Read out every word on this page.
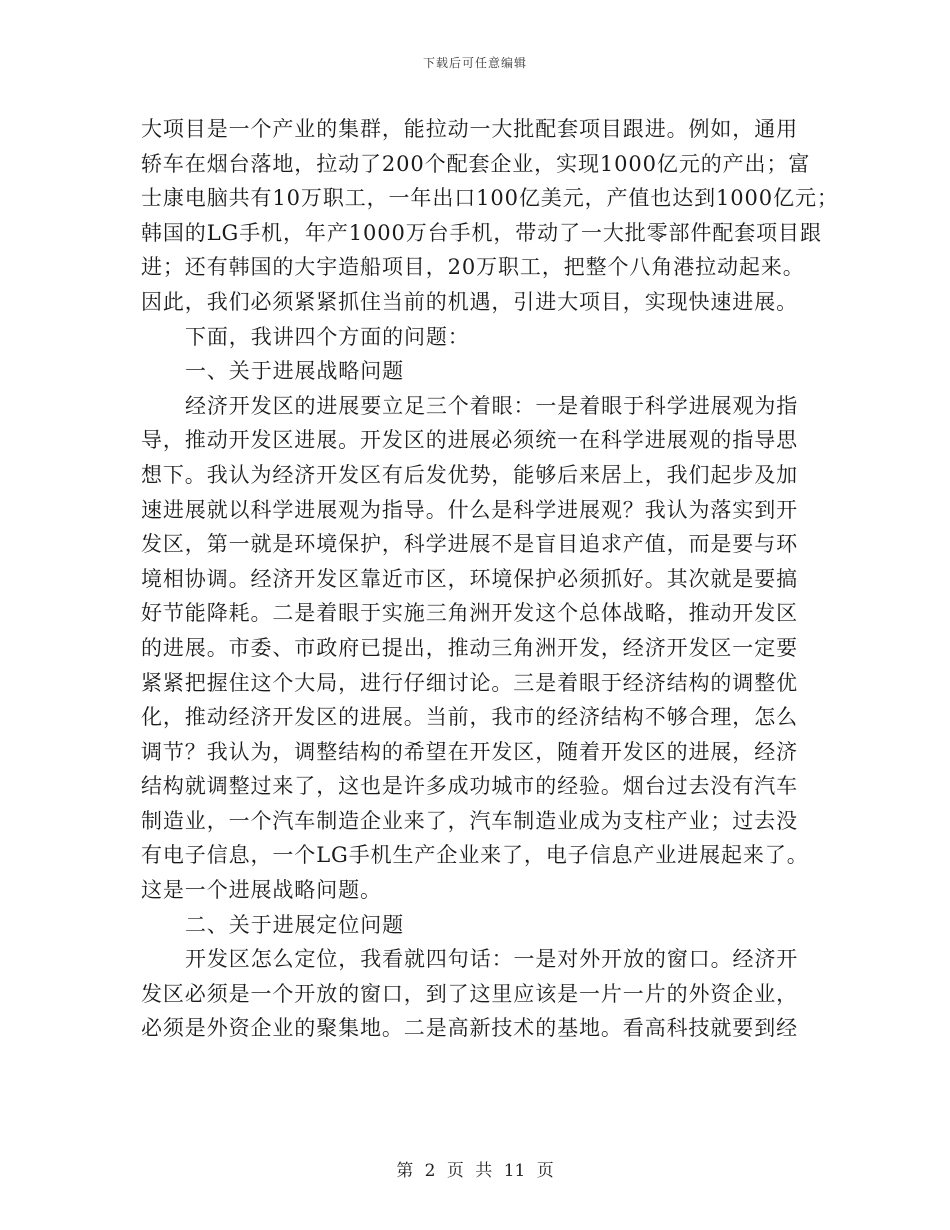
下载后可任意编辑
大项目是一个产业的集群，能拉动一大批配套项目跟进。例如，通用
轿车在烟台落地，拉动了200个配套企业，实现1000亿元的产出；富
士康电脑共有10万职工，一年出口100亿美元，产值也达到1000亿元；
韩国的LG手机，年产1000万台手机，带动了一大批零部件配套项目跟
进；还有韩国的大宇造船项目，20万职工，把整个八角港拉动起来。
因此，我们必须紧紧抓住当前的机遇，引进大项目，实现快速进展。
下面，我讲四个方面的问题：
一、关于进展战略问题
经济开发区的进展要立足三个着眼：一是着眼于科学进展观为指
导，推动开发区进展。开发区的进展必须统一在科学进展观的指导思
想下。我认为经济开发区有后发优势，能够后来居上，我们起步及加
速进展就以科学进展观为指导。什么是科学进展观？我认为落实到开
发区，第一就是环境保护，科学进展不是盲目追求产值，而是要与环
境相协调。经济开发区靠近市区，环境保护必须抓好。其次就是要搞
好节能降耗。二是着眼于实施三角洲开发这个总体战略，推动开发区
的进展。市委、市政府已提出，推动三角洲开发，经济开发区一定要
紧紧把握住这个大局，进行仔细讨论。三是着眼于经济结构的调整优
化，推动经济开发区的进展。当前，我市的经济结构不够合理，怎么
调节？我认为，调整结构的希望在开发区，随着开发区的进展，经济
结构就调整过来了，这也是许多成功城市的经验。烟台过去没有汽车
制造业，一个汽车制造企业来了，汽车制造业成为支柱产业；过去没
有电子信息，一个LG手机生产企业来了，电子信息产业进展起来了。
这是一个进展战略问题。
二、关于进展定位问题
开发区怎么定位，我看就四句话：一是对外开放的窗口。经济开
发区必须是一个开放的窗口，到了这里应该是一片一片的外资企业，
必须是外资企业的聚集地。二是高新技术的基地。看高科技就要到经
第 2 页 共 11 页
